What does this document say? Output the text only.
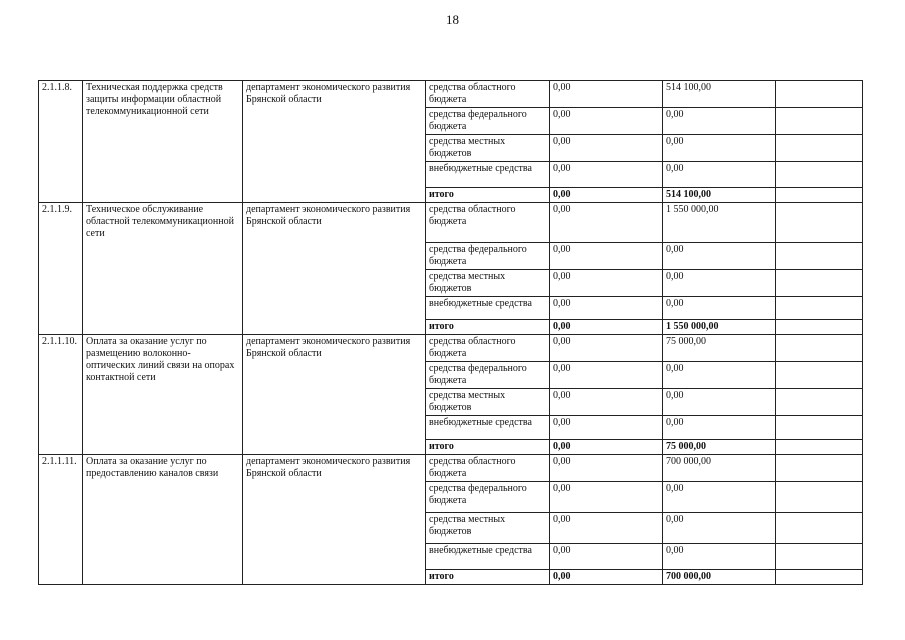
18
2.1.1.8.	Техническая поддержка средств защиты информации областной телекоммуникационной сети	департамент экономического развития Брянской области	средства областного бюджета	0,00	514 100,00	
			средства федерального бюджета	0,00	0,00	
			средства местных бюджетов	0,00	0,00	
			внебюджетные средства	0,00	0,00	
			итого	0,00	514 100,00	
2.1.1.9.	Техническое обслуживание областной телекоммуникационной сети	департамент экономического развития Брянской области	средства областного бюджета	0,00	1 550 000,00	
			средства федерального бюджета	0,00	0,00	
			средства местных бюджетов	0,00	0,00	
			внебюджетные средства	0,00	0,00	
			итого	0,00	1 550 000,00	
2.1.1.10.	Оплата за оказание услуг по размещению волоконно-оптических линий связи на опорах контактной сети	департамент экономического развития Брянской области	средства областного бюджета	0,00	75 000,00	
			средства федерального бюджета	0,00	0,00	
			средства местных бюджетов	0,00	0,00	
			внебюджетные средства	0,00	0,00	
			итого	0,00	75 000,00	
2.1.1.11.	Оплата за оказание услуг по предоставлению каналов связи	департамент экономического развития Брянской области	средства областного бюджета	0,00	700 000,00	
			средства федерального бюджета	0,00	0,00	
			средства местных бюджетов	0,00	0,00	
			внебюджетные средства	0,00	0,00	
			итого	0,00	700 000,00	
